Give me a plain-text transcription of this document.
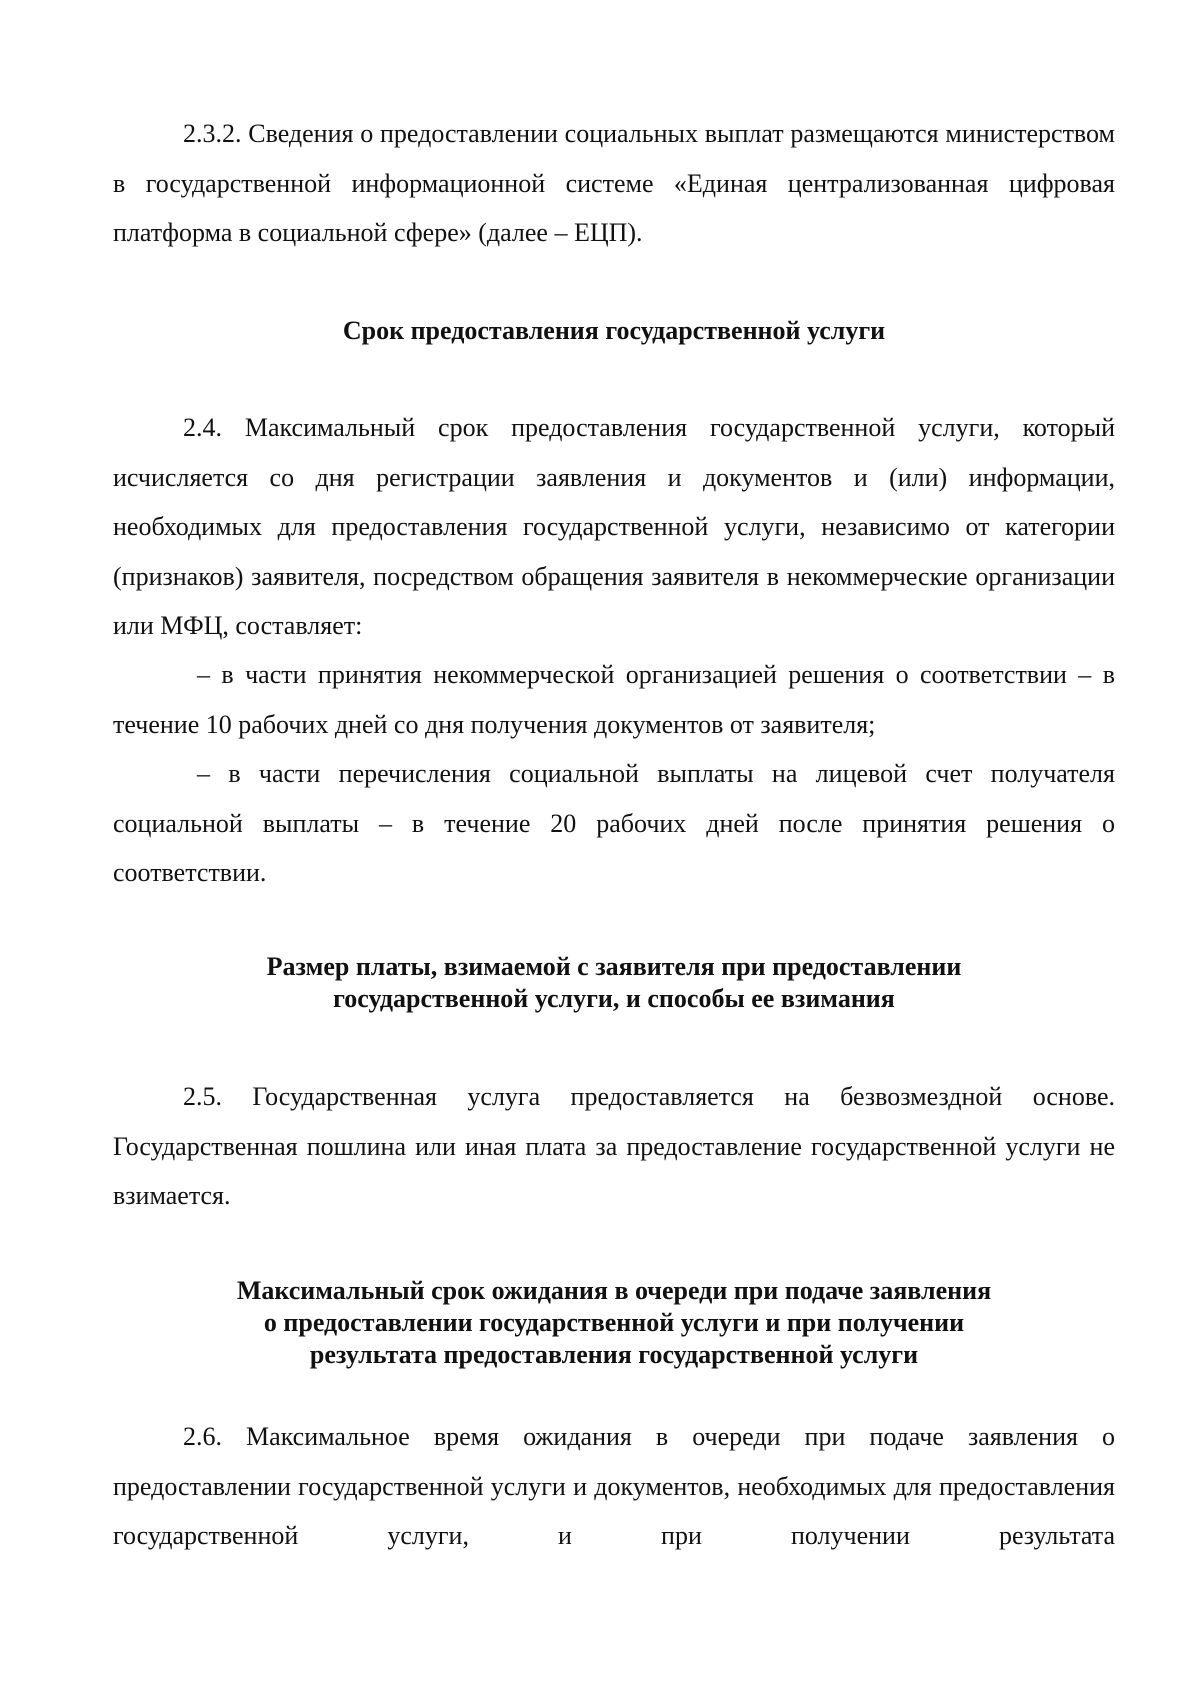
2.3.2. Сведения о предоставлении социальных выплат размещаются министерством в государственной информационной системе «Единая централизованная цифровая платформа в социальной сфере» (далее – ЕЦП).

Срок предоставления государственной услуги

2.4. Максимальный срок предоставления государственной услуги, который исчисляется со дня регистрации заявления и документов и (или) информации, необходимых для предоставления государственной услуги, независимо от категории (признаков) заявителя, посредством обращения заявителя в некоммерческие организации или МФЦ, составляет:

– в части принятия некоммерческой организацией решения о соответствии – в течение 10 рабочих дней со дня получения документов от заявителя;

– в части перечисления социальной выплаты на лицевой счет получателя социальной выплаты – в течение 20 рабочих дней после принятия решения о соответствии.

Размер платы, взимаемой с заявителя при предоставлении
государственной услуги, и способы ее взимания

2.5. Государственная услуга предоставляется на безвозмездной основе. Государственная пошлина или иная плата за предоставление государственной услуги не взимается.

Максимальный срок ожидания в очереди при подаче заявления
о предоставлении государственной услуги и при получении
результата предоставления государственной услуги

2.6. Максимальное время ожидания в очереди при подаче заявления о предоставлении государственной услуги и документов, необходимых для предоставления государственной услуги, и при получении результата
